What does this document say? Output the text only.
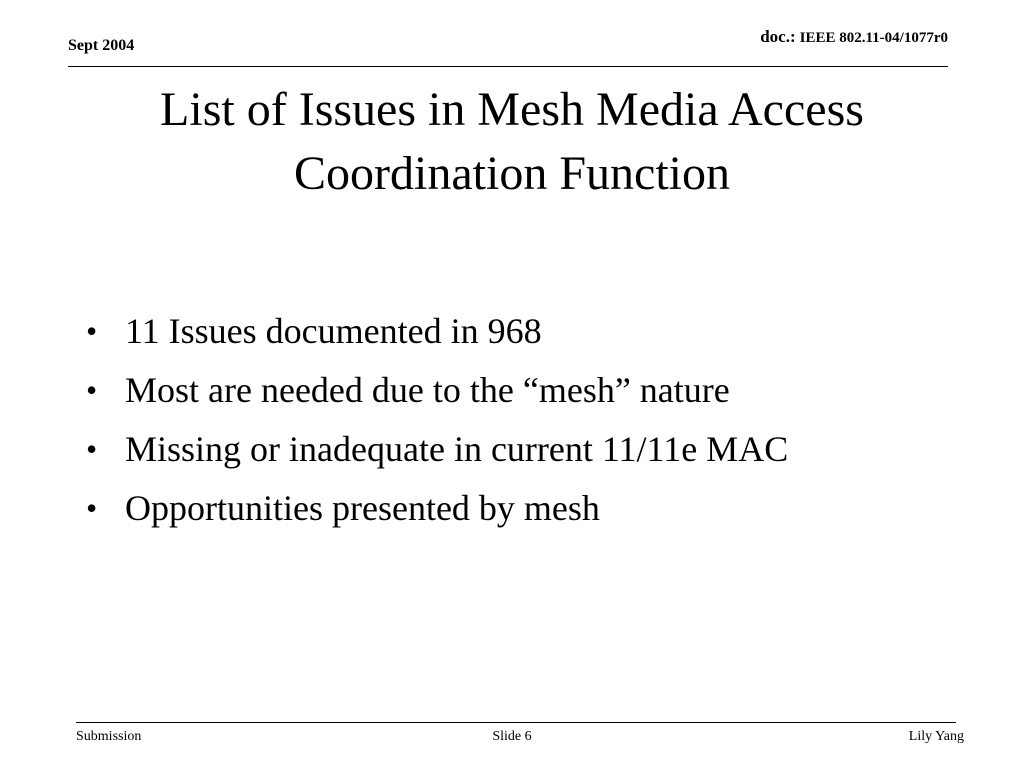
Sept 2004	doc.: IEEE 802.11-04/1077r0
List of Issues in Mesh Media Access
Coordination Function
• 11 Issues documented in 968
• Most are needed due to the “mesh” nature
• Missing or inadequate in current 11/11e MAC
• Opportunities presented by mesh
Submission	Slide 6	Lily Yang
